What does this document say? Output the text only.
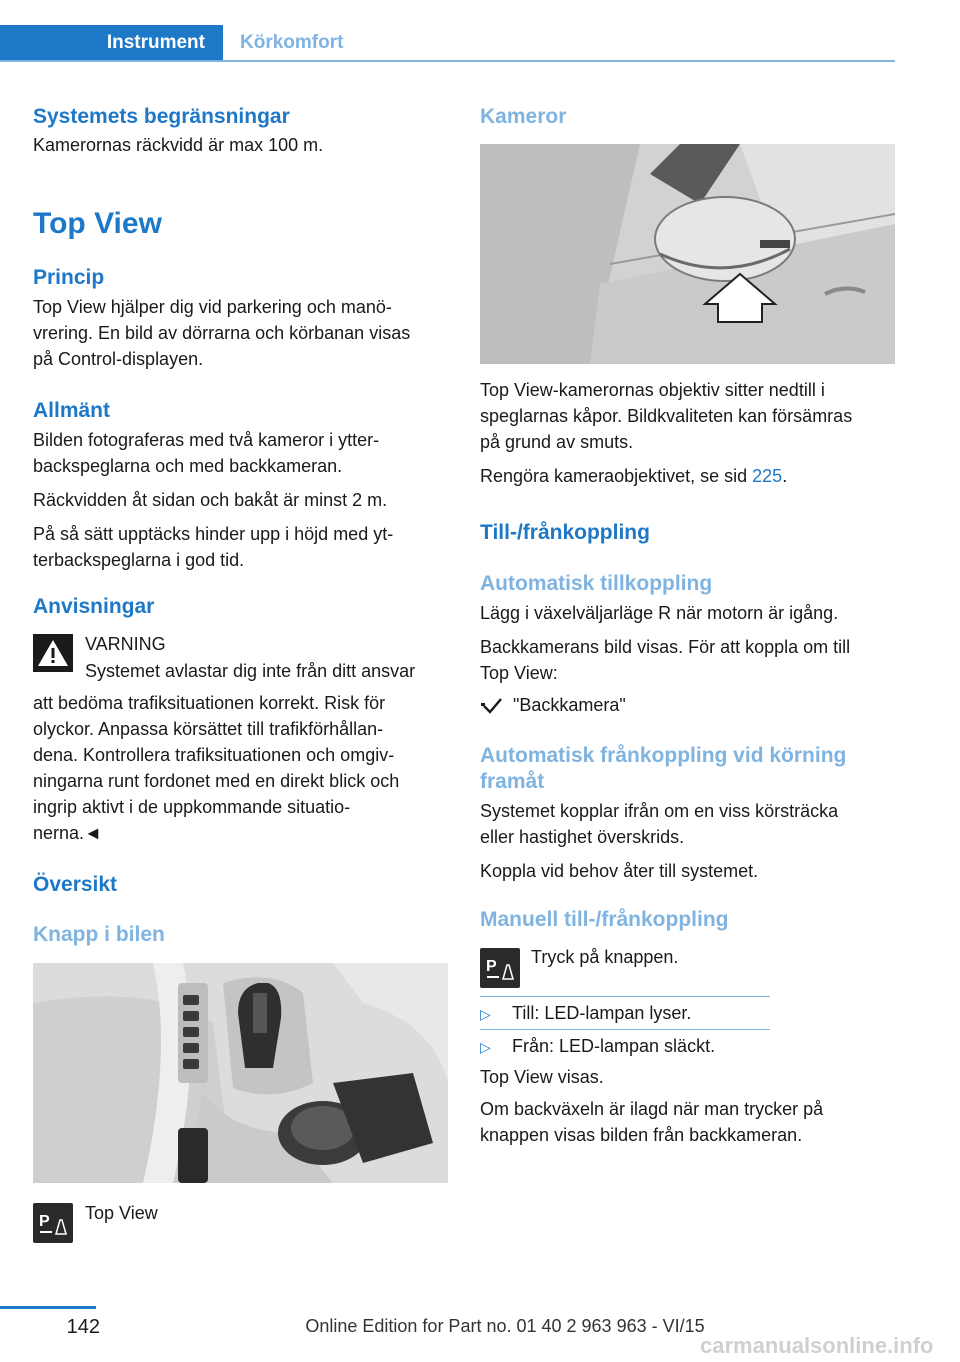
Instrument	Körkomfort

Systemets begränsningar

Kamerornas räckvidd är max 100 m.

Top View

Princip

Top View hjälper dig vid parkering och manö-
vrering. En bild av dörrarna och körbanan visas
på Control-displayen.

Allmänt

Bilden fotograferas med två kameror i ytter-
backspeglarna och med backkameran.

Räckvidden åt sidan och bakåt är minst 2 m.

På så sätt upptäcks hinder upp i höjd med yt-
terbackspeglarna i god tid.

Anvisningar

VARNING

Systemet avlastar dig inte från ditt ansvar

att bedöma trafiksituationen korrekt. Risk för
olyckor. Anpassa körsättet till trafikförhållan-
dena. Kontrollera trafiksituationen och omgiv-
ningarna runt fordonet med en direkt blick och
ingrip aktivt i de uppkommande situatio-
nerna.◄

Översikt

Knapp i bilen

P Top View

Kameror

Top View-kamerornas objektiv sitter nedtill i
speglarnas kåpor. Bildkvaliteten kan försämras
på grund av smuts.

Rengöra kameraobjektivet, se sid 225.

Till-/frånkoppling

Automatisk tillkoppling

Lägg i växelväljarläge R när motorn är igång.

Backkamerans bild visas. För att koppla om till
Top View:

"Backkamera"

Automatisk frånkoppling vid körning
framåt

Systemet kopplar ifrån om en viss körsträcka
eller hastighet överskrids.

Koppla vid behov åter till systemet.

Manuell till-/frånkoppling

P Tryck på knappen.

▷ Till: LED-lampan lyser.

▷ Från: LED-lampan släckt.

Top View visas.

Om backväxeln är ilagd när man trycker på
knappen visas bilden från backkameran.

142	Online Edition for Part no. 01 40 2 963 963 - VI/15
carmanualsonline.info
